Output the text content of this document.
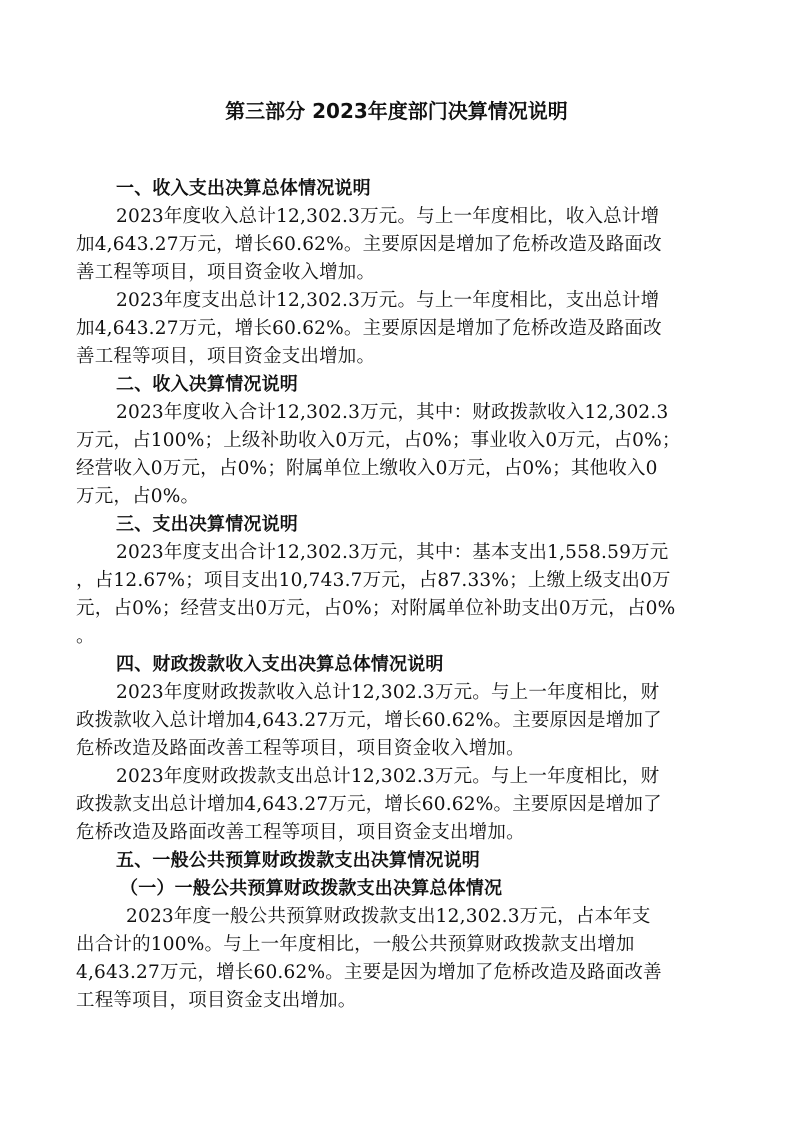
第三部分 2023年度部门决算情况说明
一、收入支出决算总体情况说明
2023年度收入总计12,302.3万元。与上一年度相比，收入总计增
加4,643.27万元，增长60.62%。主要原因是增加了危桥改造及路面改
善工程等项目，项目资金收入增加。
2023年度支出总计12,302.3万元。与上一年度相比，支出总计增
加4,643.27万元，增长60.62%。主要原因是增加了危桥改造及路面改
善工程等项目，项目资金支出增加。
二、收入决算情况说明
2023年度收入合计12,302.3万元，其中：财政拨款收入12,302.3
万元，占100%；上级补助收入0万元，占0%；事业收入0万元，占0%；
经营收入0万元，占0%；附属单位上缴收入0万元，占0%；其他收入0
万元，占0%。
三、支出决算情况说明
2023年度支出合计12,302.3万元，其中：基本支出1,558.59万元
，占12.67%；项目支出10,743.7万元，占87.33%；上缴上级支出0万
元，占0%；经营支出0万元，占0%；对附属单位补助支出0万元，占0%
。
四、财政拨款收入支出决算总体情况说明
2023年度财政拨款收入总计12,302.3万元。与上一年度相比，财
政拨款收入总计增加4,643.27万元，增长60.62%。主要原因是增加了
危桥改造及路面改善工程等项目，项目资金收入增加。
2023年度财政拨款支出总计12,302.3万元。与上一年度相比，财
政拨款支出总计增加4,643.27万元，增长60.62%。主要原因是增加了
危桥改造及路面改善工程等项目，项目资金支出增加。
五、一般公共预算财政拨款支出决算情况说明
（一）一般公共预算财政拨款支出决算总体情况
2023年度一般公共预算财政拨款支出12,302.3万元，占本年支
出合计的100%。与上一年度相比，一般公共预算财政拨款支出增加
4,643.27万元，增长60.62%。主要是因为增加了危桥改造及路面改善
工程等项目，项目资金支出增加。
